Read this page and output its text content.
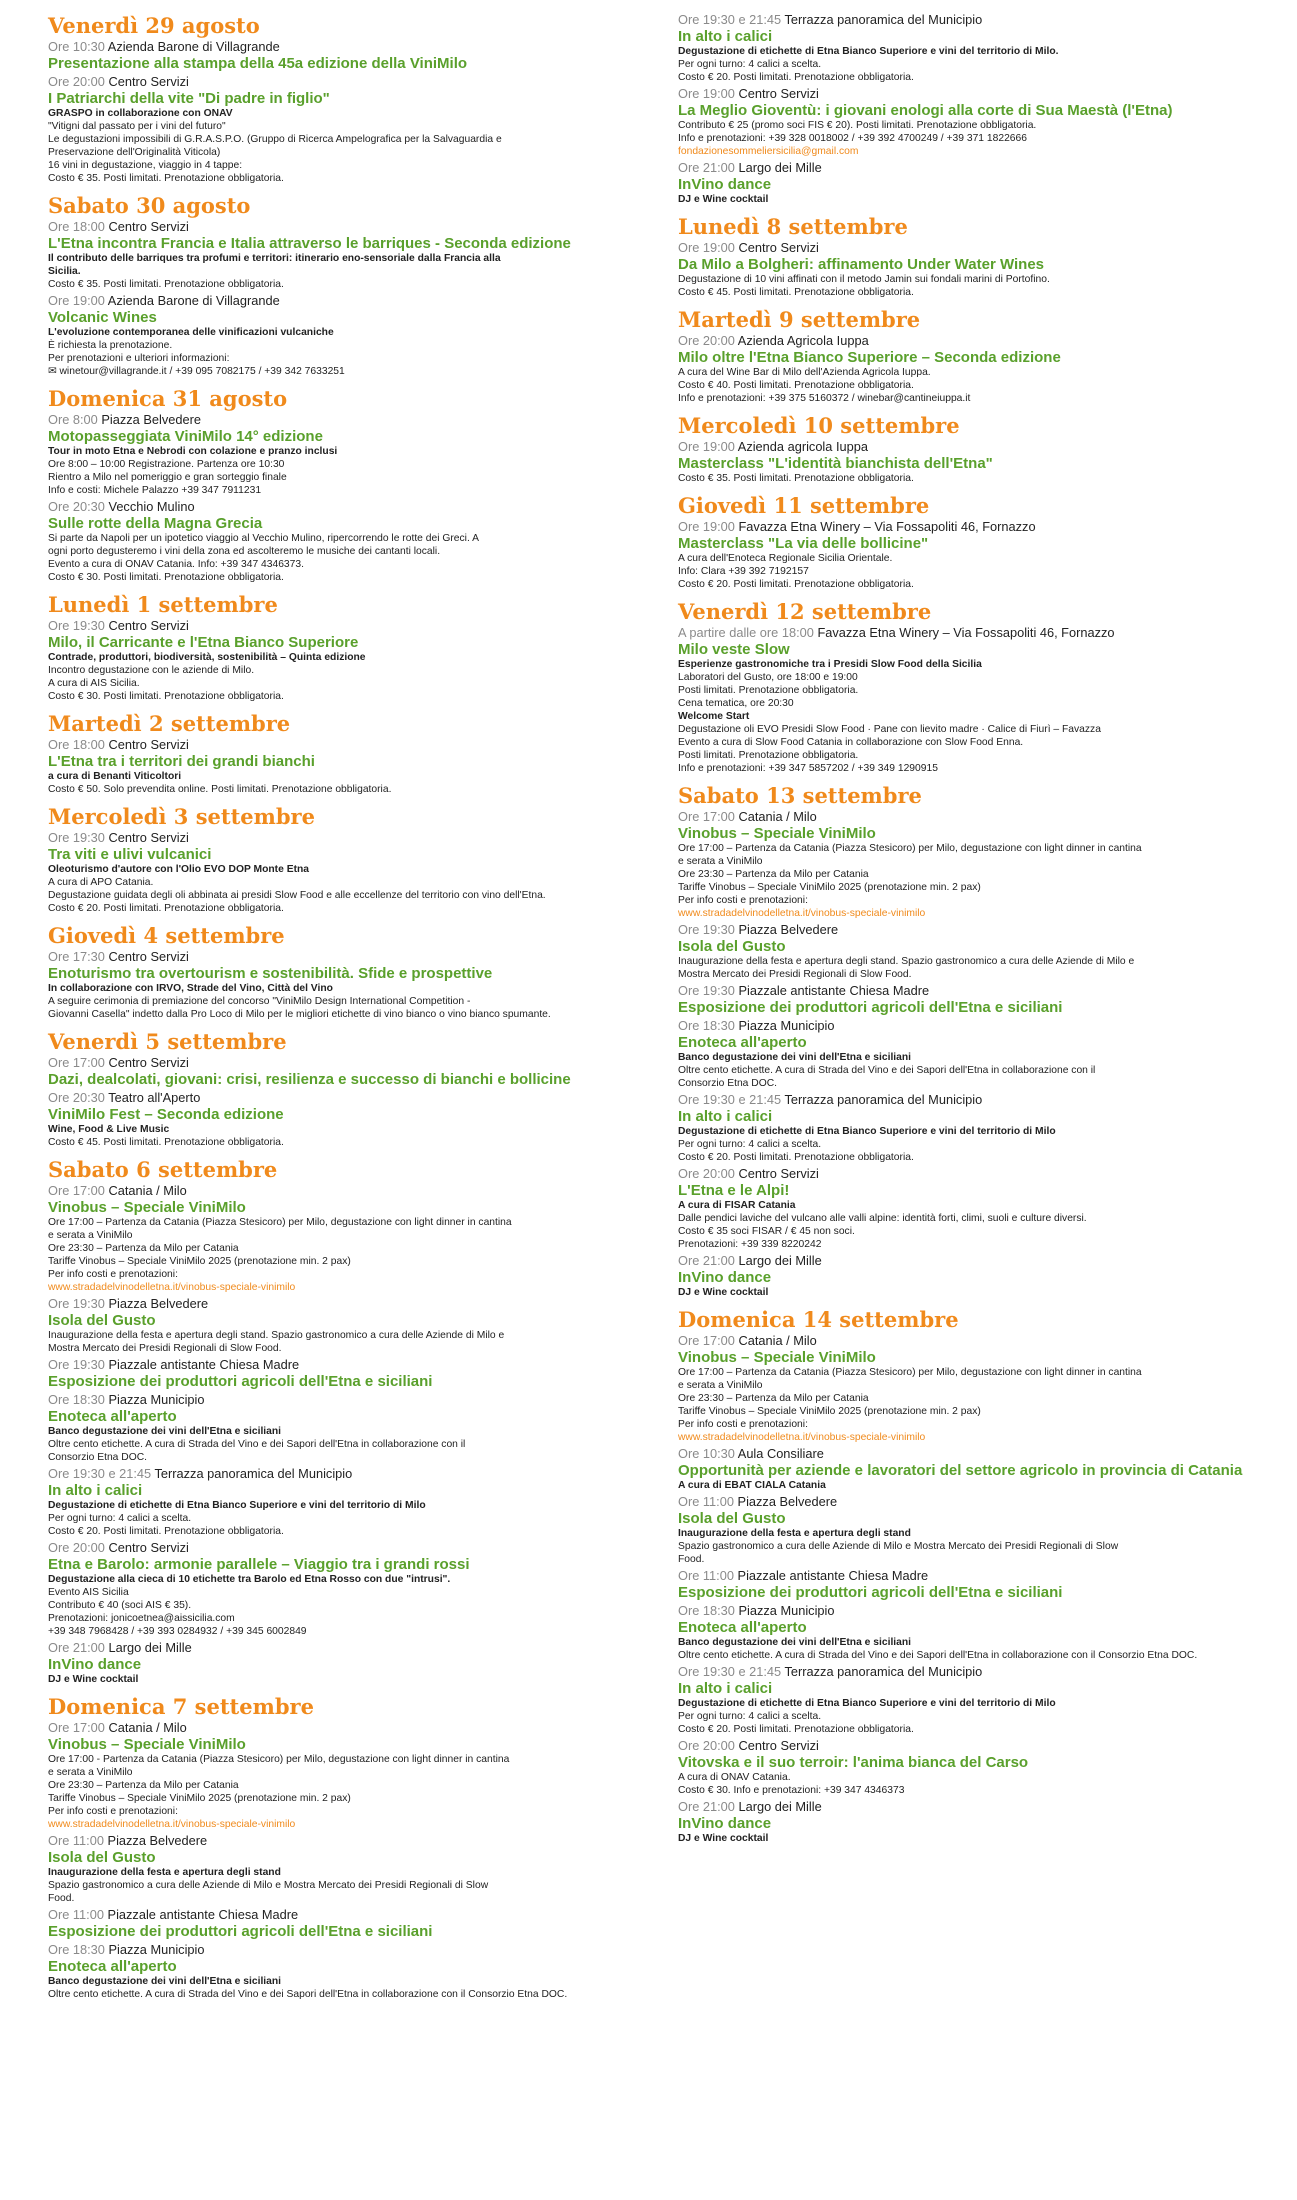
Venerdì 29 agosto
Ore 10:30 Azienda Barone di Villagrande
Presentazione alla stampa della 45a edizione della ViniMilo
Ore 20:00 Centro Servizi
I Patriarchi della vite "Di padre in figlio"
GRASPO in collaborazione con ONAV
"Vitigni dal passato per i vini del futuro"
Le degustazioni impossibili di G.R.A.S.P.O. (Gruppo di Ricerca Ampelografica per la Salvaguardia e
Preservazione dell'Originalità Viticola)
16 vini in degustazione, viaggio in 4 tappe:
Costo € 35. Posti limitati. Prenotazione obbligatoria.
Sabato 30 agosto
Ore 18:00 Centro Servizi
L'Etna incontra Francia e Italia attraverso le barriques - Seconda edizione
Il contributo delle barriques tra profumi e territori: itinerario eno-sensoriale dalla Francia alla
Sicilia.
Costo € 35. Posti limitati. Prenotazione obbligatoria.
Ore 19:00 Azienda Barone di Villagrande
Volcanic Wines
L'evoluzione contemporanea delle vinificazioni vulcaniche
È richiesta la prenotazione.
Per prenotazioni e ulteriori informazioni:
✉ winetour@villagrande.it / +39 095 7082175 / +39 342 7633251
Domenica 31 agosto
Ore 8:00 Piazza Belvedere
Motopasseggiata ViniMilo 14° edizione
Tour in moto Etna e Nebrodi con colazione e pranzo inclusi
Ore 8:00 – 10:00 Registrazione. Partenza ore 10:30
Rientro a Milo nel pomeriggio e gran sorteggio finale
Info e costi: Michele Palazzo +39 347 7911231
Ore 20:30 Vecchio Mulino
Sulle rotte della Magna Grecia
Si parte da Napoli per un ipotetico viaggio al Vecchio Mulino, ripercorrendo le rotte dei Greci. A
ogni porto degusteremo i vini della zona ed ascolteremo le musiche dei cantanti locali.
Evento a cura di ONAV Catania. Info: +39 347 4346373.
Costo € 30. Posti limitati. Prenotazione obbligatoria.
Lunedì 1 settembre
Ore 19:30 Centro Servizi
Milo, il Carricante e l'Etna Bianco Superiore
Contrade, produttori, biodiversità, sostenibilità – Quinta edizione
Incontro degustazione con le aziende di Milo.
A cura di AIS Sicilia.
Costo € 30. Posti limitati. Prenotazione obbligatoria.
Martedì 2 settembre
Ore 18:00 Centro Servizi
L'Etna tra i territori dei grandi bianchi
a cura di Benanti Viticoltori
Costo € 50. Solo prevendita online. Posti limitati. Prenotazione obbligatoria.
Mercoledì 3 settembre
Ore 19:30 Centro Servizi
Tra viti e ulivi vulcanici
Oleoturismo d'autore con l'Olio EVO DOP Monte Etna
A cura di APO Catania.
Degustazione guidata degli oli abbinata ai presidi Slow Food e alle eccellenze del territorio con vino dell'Etna.
Costo € 20. Posti limitati. Prenotazione obbligatoria.
Giovedì 4 settembre
Ore 17:30 Centro Servizi
Enoturismo tra overtourism e sostenibilità. Sfide e prospettive
In collaborazione con IRVO, Strade del Vino, Città del Vino
A seguire cerimonia di premiazione del concorso "ViniMilo Design International Competition -
Giovanni Casella" indetto dalla Pro Loco di Milo per le migliori etichette di vino bianco o vino bianco spumante.
Venerdì 5 settembre
Ore 17:00 Centro Servizi
Dazi, dealcolati, giovani: crisi, resilienza e successo di bianchi e bollicine
Ore 20:30 Teatro all'Aperto
ViniMilo Fest – Seconda edizione
Wine, Food & Live Music
Costo € 45. Posti limitati. Prenotazione obbligatoria.
Sabato 6 settembre
Ore 17:00 Catania / Milo
Vinobus – Speciale ViniMilo
Ore 17:00 – Partenza da Catania (Piazza Stesicoro) per Milo, degustazione con light dinner in cantina
e serata a ViniMilo
Ore 23:30 – Partenza da Milo per Catania
Tariffe Vinobus – Speciale ViniMilo 2025 (prenotazione min. 2 pax)
Per info costi e prenotazioni:
www.stradadelvinodelletna.it/vinobus-speciale-vinimilo
Ore 19:30 Piazza Belvedere
Isola del Gusto
Inaugurazione della festa e apertura degli stand. Spazio gastronomico a cura delle Aziende di Milo e
Mostra Mercato dei Presidi Regionali di Slow Food.
Ore 19:30 Piazzale antistante Chiesa Madre
Esposizione dei produttori agricoli dell'Etna e siciliani
Ore 18:30 Piazza Municipio
Enoteca all'aperto
Banco degustazione dei vini dell'Etna e siciliani
Oltre cento etichette. A cura di Strada del Vino e dei Sapori dell'Etna in collaborazione con il
Consorzio Etna DOC.
Ore 19:30 e 21:45 Terrazza panoramica del Municipio
In alto i calici
Degustazione di etichette di Etna Bianco Superiore e vini del territorio di Milo
Per ogni turno: 4 calici a scelta.
Costo € 20. Posti limitati. Prenotazione obbligatoria.
Ore 20:00 Centro Servizi
Etna e Barolo: armonie parallele – Viaggio tra i grandi rossi
Degustazione alla cieca di 10 etichette tra Barolo ed Etna Rosso con due "intrusi".
Evento AIS Sicilia
Contributo € 40 (soci AIS € 35).
Prenotazioni: jonicoetnea@aissicilia.com
+39 348 7968428 / +39 393 0284932 / +39 345 6002849
Ore 21:00 Largo dei Mille
InVino dance
DJ e Wine cocktail
Domenica 7 settembre
Ore 17:00 Catania / Milo
Vinobus – Speciale ViniMilo
Ore 17:00 - Partenza da Catania (Piazza Stesicoro) per Milo, degustazione con light dinner in cantina
e serata a ViniMilo
Ore 23:30 – Partenza da Milo per Catania
Tariffe Vinobus – Speciale ViniMilo 2025 (prenotazione min. 2 pax)
Per info costi e prenotazioni:
www.stradadelvinodelletna.it/vinobus-speciale-vinimilo
Ore 11:00 Piazza Belvedere
Isola del Gusto
Inaugurazione della festa e apertura degli stand
Spazio gastronomico a cura delle Aziende di Milo e Mostra Mercato dei Presidi Regionali di Slow
Food.
Ore 11:00 Piazzale antistante Chiesa Madre
Esposizione dei produttori agricoli dell'Etna e siciliani
Ore 18:30 Piazza Municipio
Enoteca all'aperto
Banco degustazione dei vini dell'Etna e siciliani
Oltre cento etichette. A cura di Strada del Vino e dei Sapori dell'Etna in collaborazione con il Consorzio Etna DOC.
Ore 19:30 e 21:45 Terrazza panoramica del Municipio
In alto i calici
Degustazione di etichette di Etna Bianco Superiore e vini del territorio di Milo.
Per ogni turno: 4 calici a scelta.
Costo € 20. Posti limitati. Prenotazione obbligatoria.
Ore 19:00 Centro Servizi
La Meglio Gioventù: i giovani enologi alla corte di Sua Maestà (l'Etna)
Contributo € 25 (promo soci FIS € 20). Posti limitati. Prenotazione obbligatoria.
Info e prenotazioni: +39 328 0018002 / +39 392 4700249 / +39 371 1822666
fondazionesommeliersicilia@gmail.com
Ore 21:00 Largo dei Mille
InVino dance
DJ e Wine cocktail
Lunedì 8 settembre
Ore 19:00 Centro Servizi
Da Milo a Bolgheri: affinamento Under Water Wines
Degustazione di 10 vini affinati con il metodo Jamin sui fondali marini di Portofino.
Costo € 45. Posti limitati. Prenotazione obbligatoria.
Martedì 9 settembre
Ore 20:00 Azienda Agricola Iuppa
Milo oltre l'Etna Bianco Superiore – Seconda edizione
A cura del Wine Bar di Milo dell'Azienda Agricola Iuppa.
Costo € 40. Posti limitati. Prenotazione obbligatoria.
Info e prenotazioni: +39 375 5160372 / winebar@cantineiuppa.it
Mercoledì 10 settembre
Ore 19:00 Azienda agricola Iuppa
Masterclass "L'identità bianchista dell'Etna"
Costo € 35. Posti limitati. Prenotazione obbligatoria.
Giovedì 11 settembre
Ore 19:00 Favazza Etna Winery – Via Fossapoliti 46, Fornazzo
Masterclass "La via delle bollicine"
A cura dell'Enoteca Regionale Sicilia Orientale.
Info: Clara +39 392 7192157
Costo € 20. Posti limitati. Prenotazione obbligatoria.
Venerdì 12 settembre
A partire dalle ore 18:00 Favazza Etna Winery – Via Fossapoliti 46, Fornazzo
Milo veste Slow
Esperienze gastronomiche tra i Presidi Slow Food della Sicilia
Laboratori del Gusto, ore 18:00 e 19:00
Posti limitati. Prenotazione obbligatoria.
Cena tematica, ore 20:30
Welcome Start
Degustazione oli EVO Presidi Slow Food · Pane con lievito madre · Calice di Fiurì – Favazza
Evento a cura di Slow Food Catania in collaborazione con Slow Food Enna.
Posti limitati. Prenotazione obbligatoria.
Info e prenotazioni: +39 347 5857202 / +39 349 1290915
Sabato 13 settembre
Ore 17:00 Catania / Milo
Vinobus – Speciale ViniMilo
Ore 17:00 – Partenza da Catania (Piazza Stesicoro) per Milo, degustazione con light dinner in cantina
e serata a ViniMilo
Ore 23:30 – Partenza da Milo per Catania
Tariffe Vinobus – Speciale ViniMilo 2025 (prenotazione min. 2 pax)
Per info costi e prenotazioni:
www.stradadelvinodelletna.it/vinobus-speciale-vinimilo
Ore 19:30 Piazza Belvedere
Isola del Gusto
Inaugurazione della festa e apertura degli stand. Spazio gastronomico a cura delle Aziende di Milo e
Mostra Mercato dei Presidi Regionali di Slow Food.
Ore 19:30 Piazzale antistante Chiesa Madre
Esposizione dei produttori agricoli dell'Etna e siciliani
Ore 18:30 Piazza Municipio
Enoteca all'aperto
Banco degustazione dei vini dell'Etna e siciliani
Oltre cento etichette. A cura di Strada del Vino e dei Sapori dell'Etna in collaborazione con il
Consorzio Etna DOC.
Ore 19:30 e 21:45 Terrazza panoramica del Municipio
In alto i calici
Degustazione di etichette di Etna Bianco Superiore e vini del territorio di Milo
Per ogni turno: 4 calici a scelta.
Costo € 20. Posti limitati. Prenotazione obbligatoria.
Ore 20:00 Centro Servizi
L'Etna e le Alpi!
A cura di FISAR Catania
Dalle pendici laviche del vulcano alle valli alpine: identità forti, climi, suoli e culture diversi.
Costo € 35 soci FISAR / € 45 non soci.
Prenotazioni: +39 339 8220242
Ore 21:00 Largo dei Mille
InVino dance
DJ e Wine cocktail
Domenica 14 settembre
Ore 17:00 Catania / Milo
Vinobus – Speciale ViniMilo
Ore 17:00 – Partenza da Catania (Piazza Stesicoro) per Milo, degustazione con light dinner in cantina
e serata a ViniMilo
Ore 23:30 – Partenza da Milo per Catania
Tariffe Vinobus – Speciale ViniMilo 2025 (prenotazione min. 2 pax)
Per info costi e prenotazioni:
www.stradadelvinodelletna.it/vinobus-speciale-vinimilo
Ore 10:30 Aula Consiliare
Opportunità per aziende e lavoratori del settore agricolo in provincia di Catania
A cura di EBAT CIALA Catania
Ore 11:00 Piazza Belvedere
Isola del Gusto
Inaugurazione della festa e apertura degli stand
Spazio gastronomico a cura delle Aziende di Milo e Mostra Mercato dei Presidi Regionali di Slow
Food.
Ore 11:00 Piazzale antistante Chiesa Madre
Esposizione dei produttori agricoli dell'Etna e siciliani
Ore 18:30 Piazza Municipio
Enoteca all'aperto
Banco degustazione dei vini dell'Etna e siciliani
Oltre cento etichette. A cura di Strada del Vino e dei Sapori dell'Etna in collaborazione con il Consorzio Etna DOC.
Ore 19:30 e 21:45 Terrazza panoramica del Municipio
In alto i calici
Degustazione di etichette di Etna Bianco Superiore e vini del territorio di Milo
Per ogni turno: 4 calici a scelta.
Costo € 20. Posti limitati. Prenotazione obbligatoria.
Ore 20:00 Centro Servizi
Vitovska e il suo terroir: l'anima bianca del Carso
A cura di ONAV Catania.
Costo € 30. Info e prenotazioni: +39 347 4346373
Ore 21:00 Largo dei Mille
InVino dance
DJ e Wine cocktail
